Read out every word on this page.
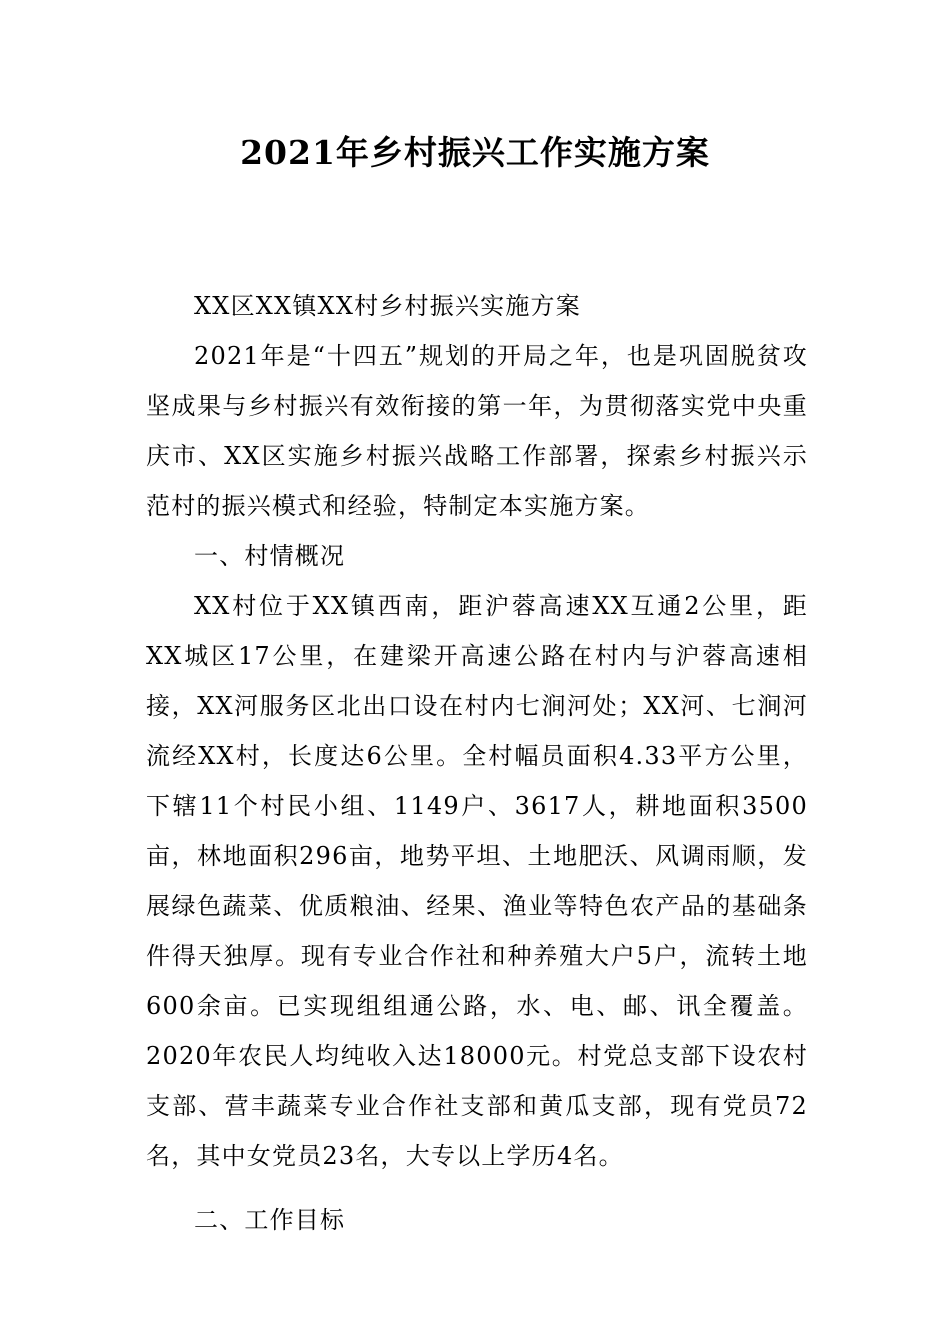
2021年乡村振兴工作实施方案

XX区XX镇XX村乡村振兴实施方案

2021年是“十四五”规划的开局之年，也是巩固脱贫攻坚成果与乡村振兴有效衔接的第一年，为贯彻落实党中央重庆市、XX区实施乡村振兴战略工作部署，探索乡村振兴示范村的振兴模式和经验，特制定本实施方案。

一、村情概况

XX村位于XX镇西南，距沪蓉高速XX互通2公里，距XX城区17公里，在建梁开高速公路在村内与沪蓉高速相接，XX河服务区北出口设在村内七涧河处；XX河、七涧河流经XX村，长度达6公里。全村幅员面积4.33平方公里，下辖11个村民小组、1149户、3617人，耕地面积3500亩，林地面积296亩，地势平坦、土地肥沃、风调雨顺，发展绿色蔬菜、优质粮油、经果、渔业等特色农产品的基础条件得天独厚。现有专业合作社和种养殖大户5户，流转土地600余亩。已实现组组通公路，水、电、邮、讯全覆盖。2020年农民人均纯收入达18000元。村党总支部下设农村支部、营丰蔬菜专业合作社支部和黄瓜支部，现有党员72名，其中女党员23名，大专以上学历4名。

二、工作目标
